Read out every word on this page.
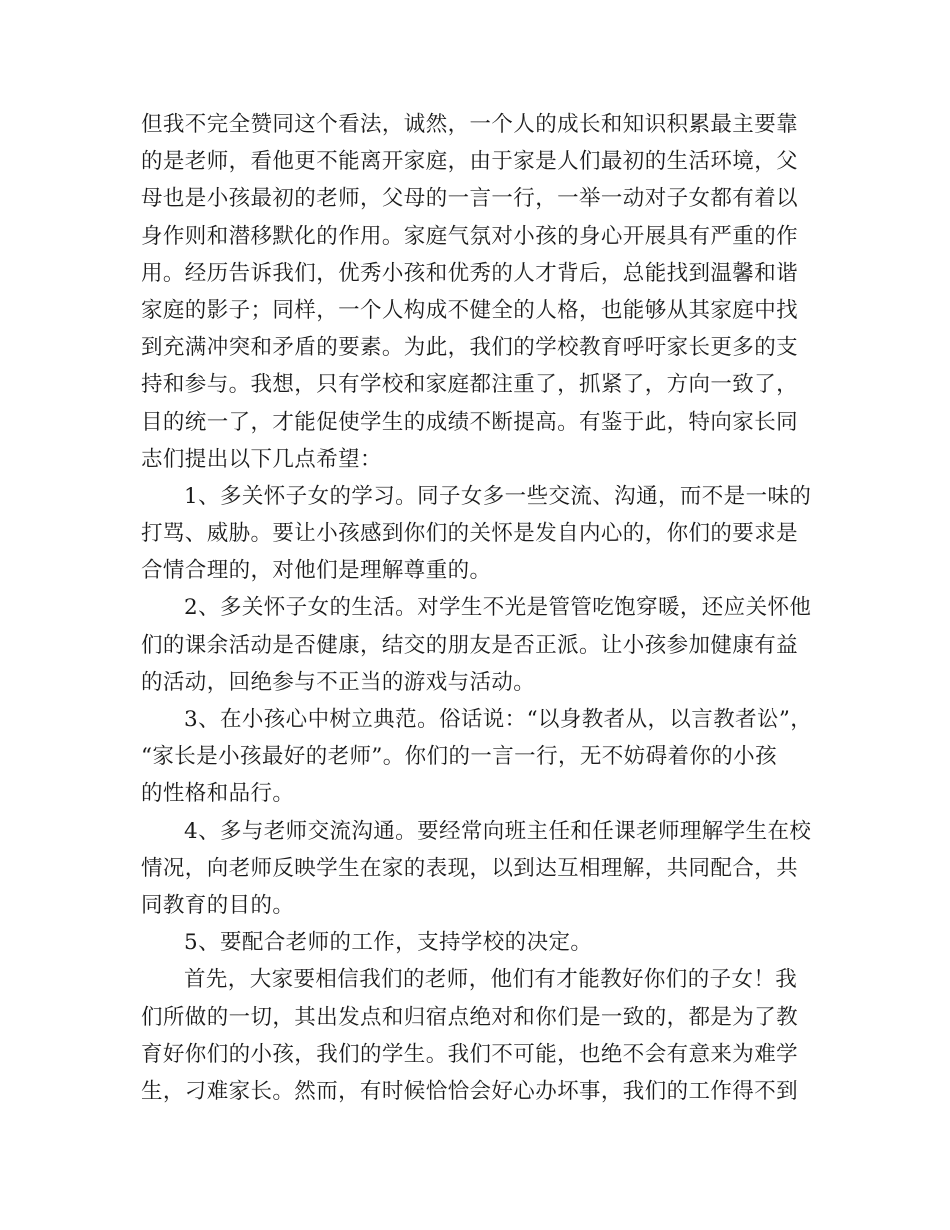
但我不完全赞同这个看法，诚然，一个人的成长和知识积累最主要靠
的是老师，看他更不能离开家庭，由于家是人们最初的生活环境，父
母也是小孩最初的老师，父母的一言一行，一举一动对子女都有着以
身作则和潜移默化的作用。家庭气氛对小孩的身心开展具有严重的作
用。经历告诉我们，优秀小孩和优秀的人才背后，总能找到温馨和谐
家庭的影子；同样，一个人构成不健全的人格，也能够从其家庭中找
到充满冲突和矛盾的要素。为此，我们的学校教育呼吁家长更多的支
持和参与。我想，只有学校和家庭都注重了，抓紧了，方向一致了，
目的统一了，才能促使学生的成绩不断提高。有鉴于此，特向家长同
志们提出以下几点希望：
1、多关怀子女的学习。同子女多一些交流、沟通，而不是一味的
打骂、威胁。要让小孩感到你们的关怀是发自内心的，你们的要求是
合情合理的，对他们是理解尊重的。
2、多关怀子女的生活。对学生不光是管管吃饱穿暖，还应关怀他
们的课余活动是否健康，结交的朋友是否正派。让小孩参加健康有益
的活动，回绝参与不正当的游戏与活动。
3、在小孩心中树立典范。俗话说：“以身教者从，以言教者讼”，
“家长是小孩最好的老师”。你们的一言一行，无不妨碍着你的小孩
的性格和品行。
4、多与老师交流沟通。要经常向班主任和任课老师理解学生在校
情况，向老师反映学生在家的表现，以到达互相理解，共同配合，共
同教育的目的。
5、要配合老师的工作，支持学校的决定。
首先，大家要相信我们的老师，他们有才能教好你们的子女！我
们所做的一切，其出发点和归宿点绝对和你们是一致的，都是为了教
育好你们的小孩，我们的学生。我们不可能，也绝不会有意来为难学
生，刁难家长。然而，有时候恰恰会好心办坏事，我们的工作得不到
